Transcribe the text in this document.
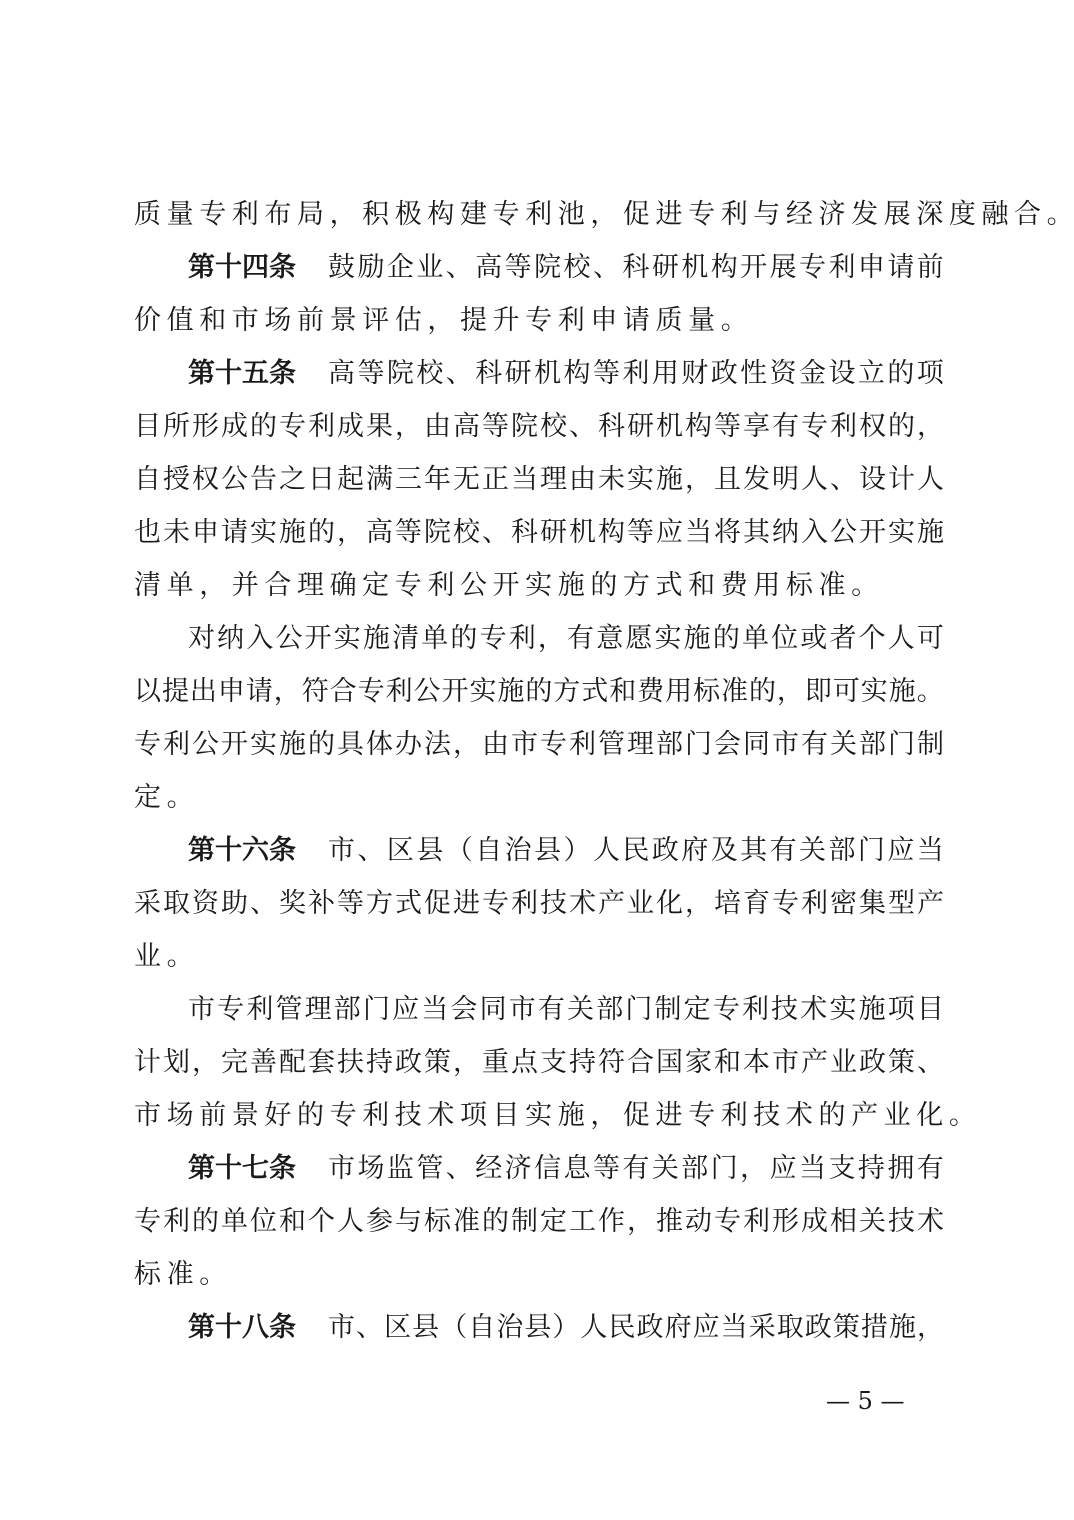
质 量 专 利 布 局 ， 积 极 构 建 专 利 池 ， 促 进 专 利 与 经 济 发 展 深 度 融 合 。
第十四条 鼓 励 企 业 、 高 等 院 校 、 科 研 机 构 开 展 专 利 申 请 前
价 值 和 市 场 前 景 评 估 ， 提 升 专 利 申 请 质 量 。
第十五条 高 等 院 校 、 科 研 机 构 等 利 用 财 政 性 资 金 设 立 的 项
目 所 形 成 的 专 利 成 果 ， 由 高 等 院 校 、 科 研 机 构 等 享 有 专 利 权 的 ，
自 授 权 公 告 之 日 起 满 三 年 无 正 当 理 由 未 实 施 ， 且 发 明 人 、 设 计 人
也 未 申 请 实 施 的 ， 高 等 院 校 、 科 研 机 构 等 应 当 将 其 纳 入 公 开 实 施
清 单 ， 并 合 理 确 定 专 利 公 开 实 施 的 方 式 和 费 用 标 准 。
对 纳 入 公 开 实 施 清 单 的 专 利 ， 有 意 愿 实 施 的 单 位 或 者 个 人 可
以 提 出 申 请 ， 符 合 专 利 公 开 实 施 的 方 式 和 费 用 标 准 的 ， 即 可 实 施 。
专 利 公 开 实 施 的 具 体 办 法 ， 由 市 专 利 管 理 部 门 会 同 市 有 关 部 门 制
定 。
第十六条 市 、 区 县 （ 自 治 县 ） 人 民 政 府 及 其 有 关 部 门 应 当
采 取 资 助 、 奖 补 等 方 式 促 进 专 利 技 术 产 业 化 ， 培 育 专 利 密 集 型 产
业 。
市 专 利 管 理 部 门 应 当 会 同 市 有 关 部 门 制 定 专 利 技 术 实 施 项 目
计 划 ， 完 善 配 套 扶 持 政 策 ， 重 点 支 持 符 合 国 家 和 本 市 产 业 政 策 、
市 场 前 景 好 的 专 利 技 术 项 目 实 施 ， 促 进 专 利 技 术 的 产 业 化 。
第十七条 市 场 监 管 、 经 济 信 息 等 有 关 部 门 ， 应 当 支 持 拥 有
专 利 的 单 位 和 个 人 参 与 标 准 的 制 定 工 作 ， 推 动 专 利 形 成 相 关 技 术
标 准 。
第十八条 市 、 区 县 （ 自 治 县 ） 人 民 政 府 应 当 采 取 政 策 措 施 ，
— 5 —
